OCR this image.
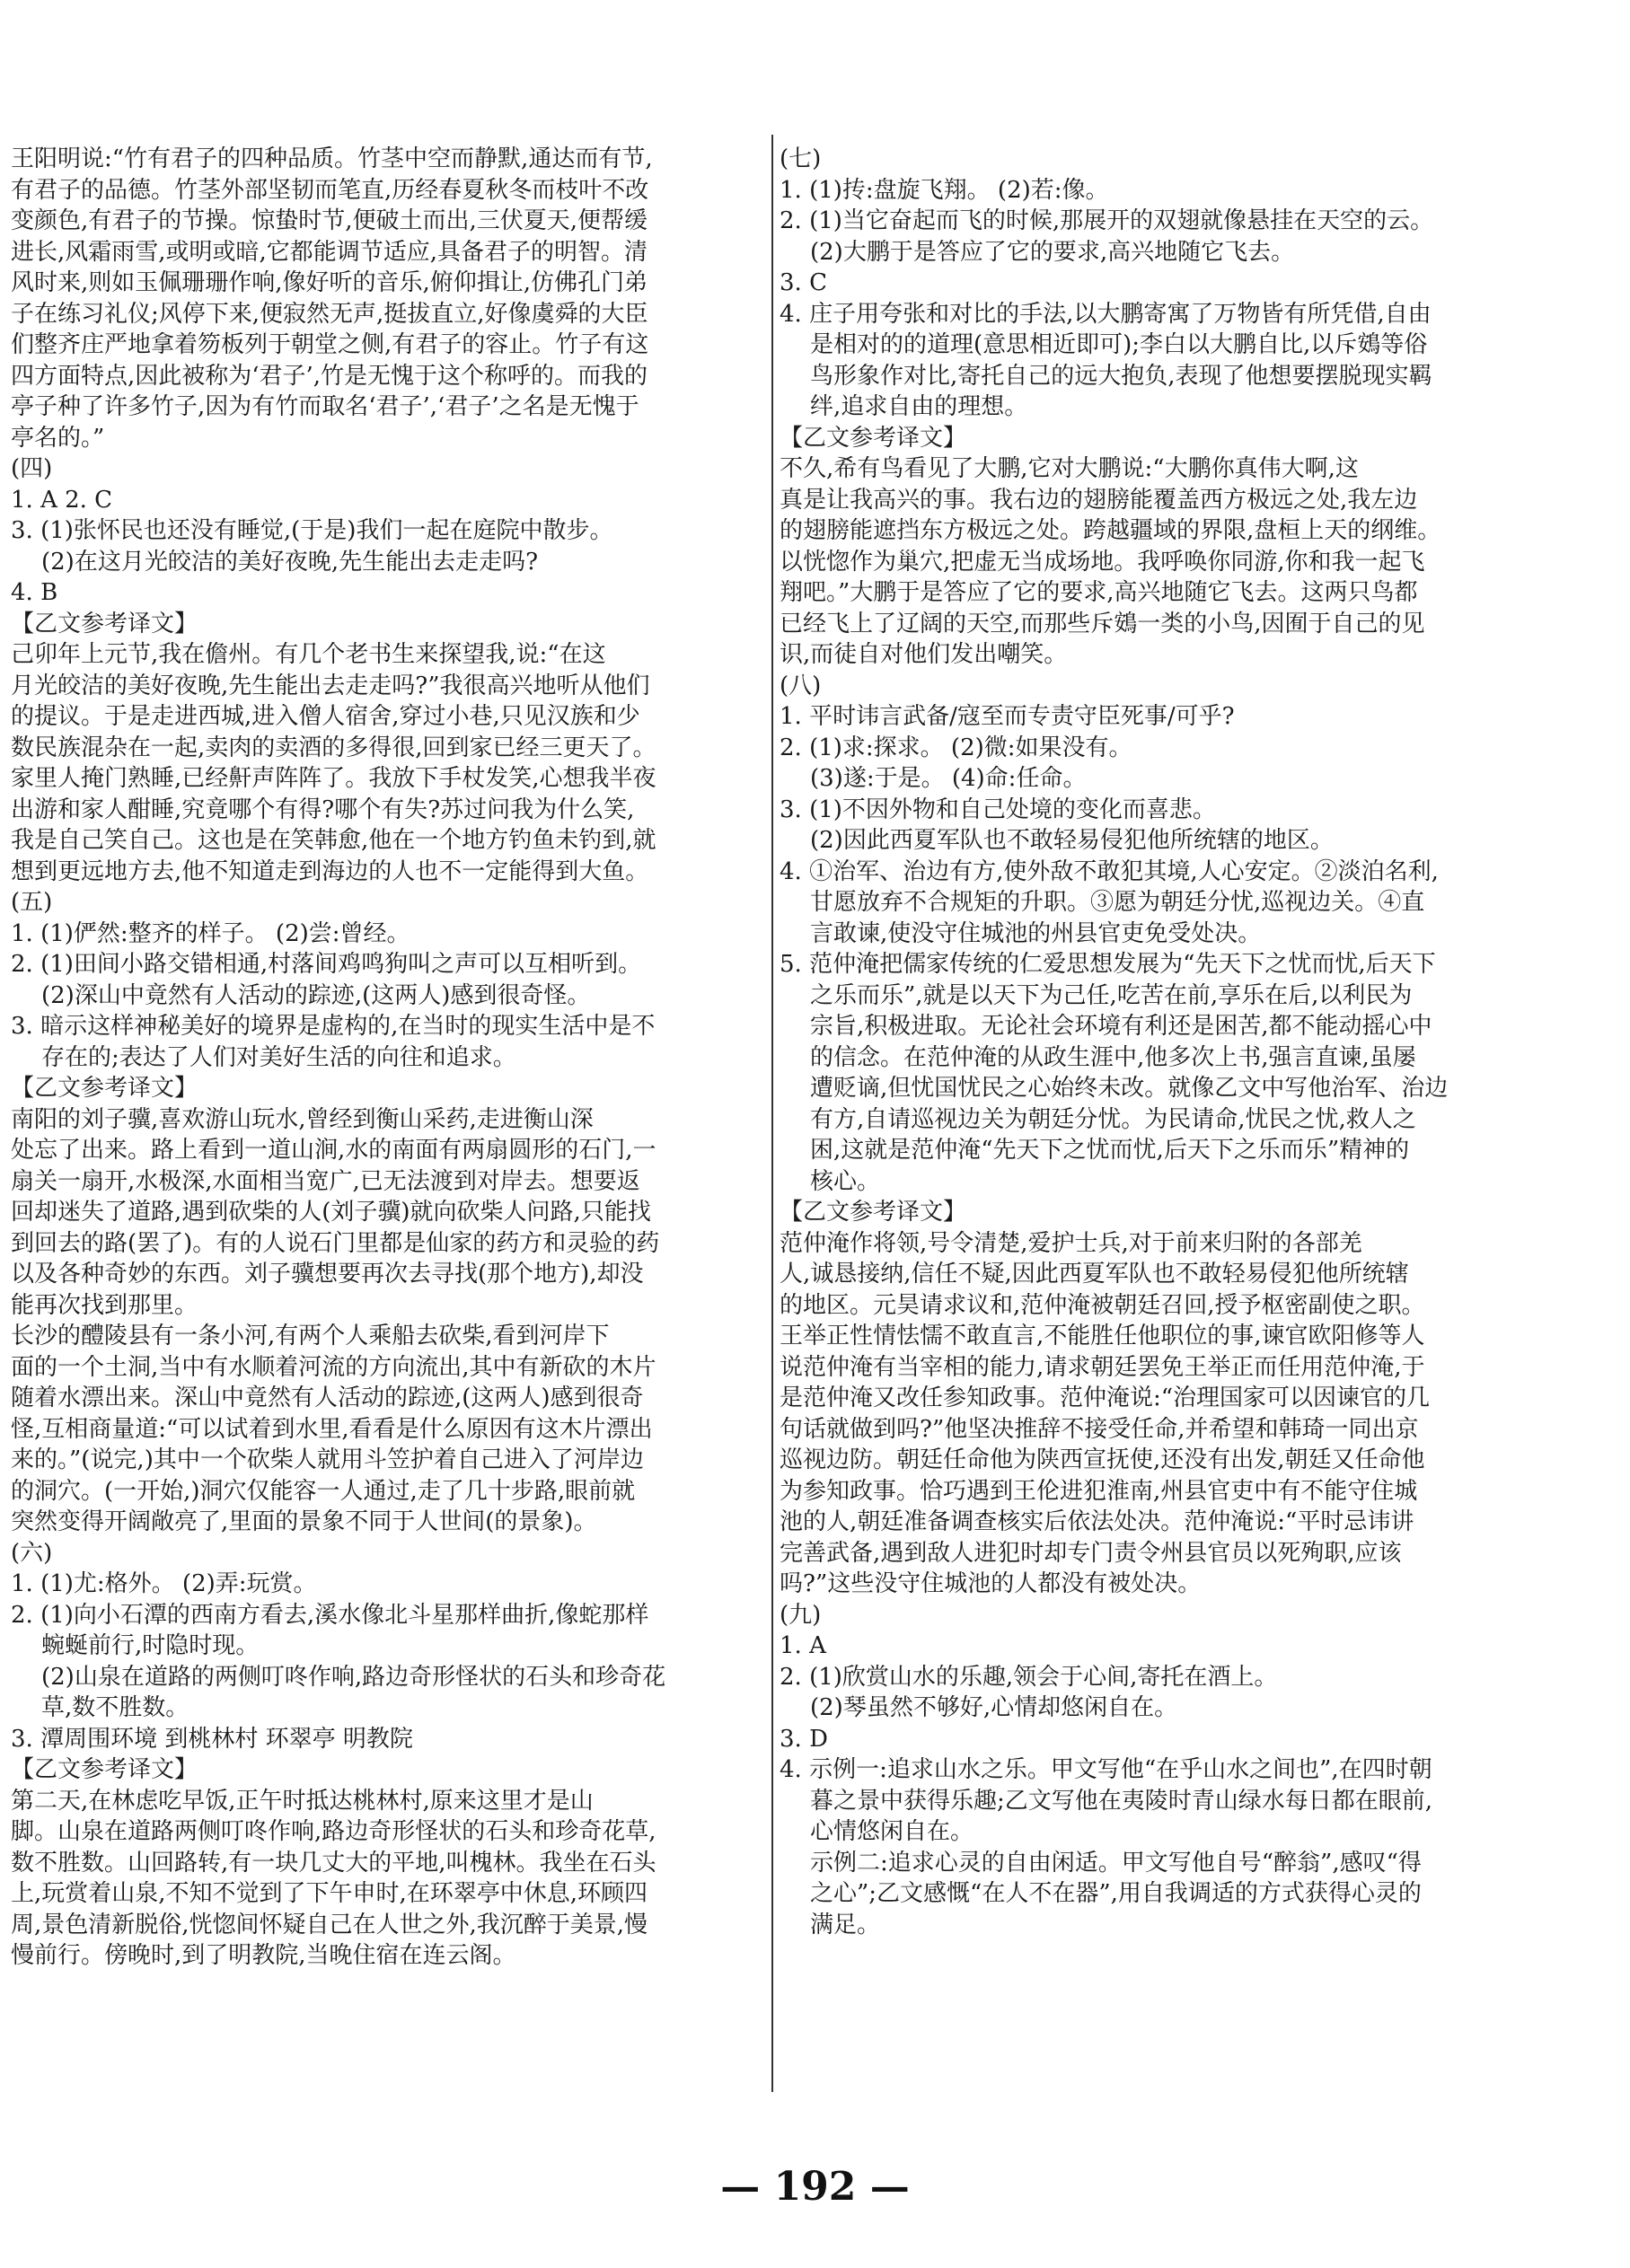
王阳明说:“竹有君子的四种品质。竹茎中空而静默,通达而有节,

有君子的品德。竹茎外部坚韧而笔直,历经春夏秋冬而枝叶不改

变颜色,有君子的节操。惊蛰时节,便破土而出,三伏夏天,便帮缓

进长,风霜雨雪,或明或暗,它都能调节适应,具备君子的明智。清

风时来,则如玉佩珊珊作响,像好听的音乐,俯仰揖让,仿佛孔门弟

子在练习礼仪;风停下来,便寂然无声,挺拔直立,好像虞舜的大臣

们整齐庄严地拿着笏板列于朝堂之侧,有君子的容止。竹子有这

四方面特点,因此被称为‘君子’,竹是无愧于这个称呼的。而我的

亭子种了许多竹子,因为有竹而取名‘君子’,‘君子’之名是无愧于

亭名的。”

(四)

1. A 2. C

3. (1)张怀民也还没有睡觉,(于是)我们一起在庭院中散步。

(2)在这月光皎洁的美好夜晚,先生能出去走走吗?

4. B

【乙文参考译文】

己卯年上元节,我在儋州。有几个老书生来探望我,说:“在这

月光皎洁的美好夜晚,先生能出去走走吗?”我很高兴地听从他们

的提议。于是走进西城,进入僧人宿舍,穿过小巷,只见汉族和少

数民族混杂在一起,卖肉的卖酒的多得很,回到家已经三更天了。

家里人掩门熟睡,已经鼾声阵阵了。我放下手杖发笑,心想我半夜

出游和家人酣睡,究竟哪个有得?哪个有失?苏过问我为什么笑,

我是自己笑自己。这也是在笑韩愈,他在一个地方钓鱼未钓到,就

想到更远地方去,他不知道走到海边的人也不一定能得到大鱼。

(五)

1. (1)俨然:整齐的样子。 (2)尝:曾经。

2. (1)田间小路交错相通,村落间鸡鸣狗叫之声可以互相听到。

(2)深山中竟然有人活动的踪迹,(这两人)感到很奇怪。

3. 暗示这样神秘美好的境界是虚构的,在当时的现实生活中是不

存在的;表达了人们对美好生活的向往和追求。

【乙文参考译文】

南阳的刘子骥,喜欢游山玩水,曾经到衡山采药,走进衡山深

处忘了出来。路上看到一道山涧,水的南面有两扇圆形的石门,一

扇关一扇开,水极深,水面相当宽广,已无法渡到对岸去。想要返

回却迷失了道路,遇到砍柴的人(刘子骥)就向砍柴人问路,只能找

到回去的路(罢了)。有的人说石门里都是仙家的药方和灵验的药

以及各种奇妙的东西。刘子骥想要再次去寻找(那个地方),却没

能再次找到那里。

长沙的醴陵县有一条小河,有两个人乘船去砍柴,看到河岸下

面的一个土洞,当中有水顺着河流的方向流出,其中有新砍的木片

随着水漂出来。深山中竟然有人活动的踪迹,(这两人)感到很奇

怪,互相商量道:“可以试着到水里,看看是什么原因有这木片漂出

来的。”(说完,)其中一个砍柴人就用斗笠护着自己进入了河岸边

的洞穴。(一开始,)洞穴仅能容一人通过,走了几十步路,眼前就

突然变得开阔敞亮了,里面的景象不同于人世间(的景象)。

(六)

1. (1)尤:格外。 (2)弄:玩赏。

2. (1)向小石潭的西南方看去,溪水像北斗星那样曲折,像蛇那样

蜿蜒前行,时隐时现。

(2)山泉在道路的两侧叮咚作响,路边奇形怪状的石头和珍奇花

草,数不胜数。

3. 潭周围环境 到桃林村 环翠亭 明教院

【乙文参考译文】

第二天,在林虑吃早饭,正午时抵达桃林村,原来这里才是山

脚。山泉在道路两侧叮咚作响,路边奇形怪状的石头和珍奇花草,

数不胜数。山回路转,有一块几丈大的平地,叫槐林。我坐在石头

上,玩赏着山泉,不知不觉到了下午申时,在环翠亭中休息,环顾四

周,景色清新脱俗,恍惚间怀疑自己在人世之外,我沉醉于美景,慢

慢前行。傍晚时,到了明教院,当晚住宿在连云阁。

(七)

1. (1)抟:盘旋飞翔。 (2)若:像。

2. (1)当它奋起而飞的时候,那展开的双翅就像悬挂在天空的云。

(2)大鹏于是答应了它的要求,高兴地随它飞去。

3. C

4. 庄子用夸张和对比的手法,以大鹏寄寓了万物皆有所凭借,自由

是相对的的道理(意思相近即可);李白以大鹏自比,以斥鴳等俗

鸟形象作对比,寄托自己的远大抱负,表现了他想要摆脱现实羁

绊,追求自由的理想。

【乙文参考译文】

不久,希有鸟看见了大鹏,它对大鹏说:“大鹏你真伟大啊,这

真是让我高兴的事。我右边的翅膀能覆盖西方极远之处,我左边

的翅膀能遮挡东方极远之处。跨越疆域的界限,盘桓上天的纲维。

以恍惚作为巢穴,把虚无当成场地。我呼唤你同游,你和我一起飞

翔吧。”大鹏于是答应了它的要求,高兴地随它飞去。这两只鸟都

已经飞上了辽阔的天空,而那些斥鴳一类的小鸟,因囿于自己的见

识,而徒自对他们发出嘲笑。

(八)

1. 平时讳言武备/寇至而专责守臣死事/可乎?

2. (1)求:探求。 (2)微:如果没有。

(3)遂:于是。 (4)命:任命。

3. (1)不因外物和自己处境的变化而喜悲。

(2)因此西夏军队也不敢轻易侵犯他所统辖的地区。

4. ①治军、治边有方,使外敌不敢犯其境,人心安定。②淡泊名利,

甘愿放弃不合规矩的升职。③愿为朝廷分忧,巡视边关。④直

言敢谏,使没守住城池的州县官吏免受处决。

5. 范仲淹把儒家传统的仁爱思想发展为“先天下之忧而忧,后天下

之乐而乐”,就是以天下为己任,吃苦在前,享乐在后,以利民为

宗旨,积极进取。无论社会环境有利还是困苦,都不能动摇心中

的信念。在范仲淹的从政生涯中,他多次上书,强言直谏,虽屡

遭贬谪,但忧国忧民之心始终未改。就像乙文中写他治军、治边

有方,自请巡视边关为朝廷分忧。为民请命,忧民之忧,救人之

困,这就是范仲淹“先天下之忧而忧,后天下之乐而乐”精神的

核心。

【乙文参考译文】

范仲淹作将领,号令清楚,爱护士兵,对于前来归附的各部羌

人,诚恳接纳,信任不疑,因此西夏军队也不敢轻易侵犯他所统辖

的地区。元昊请求议和,范仲淹被朝廷召回,授予枢密副使之职。

王举正性情怯懦不敢直言,不能胜任他职位的事,谏官欧阳修等人

说范仲淹有当宰相的能力,请求朝廷罢免王举正而任用范仲淹,于

是范仲淹又改任参知政事。范仲淹说:“治理国家可以因谏官的几

句话就做到吗?”他坚决推辞不接受任命,并希望和韩琦一同出京

巡视边防。朝廷任命他为陕西宣抚使,还没有出发,朝廷又任命他

为参知政事。恰巧遇到王伦进犯淮南,州县官吏中有不能守住城

池的人,朝廷准备调查核实后依法处决。范仲淹说:“平时忌讳讲

完善武备,遇到敌人进犯时却专门责令州县官员以死殉职,应该

吗?”这些没守住城池的人都没有被处决。

(九)

1. A

2. (1)欣赏山水的乐趣,领会于心间,寄托在酒上。

(2)琴虽然不够好,心情却悠闲自在。

3. D

4. 示例一:追求山水之乐。甲文写他“在乎山水之间也”,在四时朝

暮之景中获得乐趣;乙文写他在夷陵时青山绿水每日都在眼前,

心情悠闲自在。

示例二:追求心灵的自由闲适。甲文写他自号“醉翁”,感叹“得

之心”;乙文感慨“在人不在器”,用自我调适的方式获得心灵的

满足。

— 192 —
